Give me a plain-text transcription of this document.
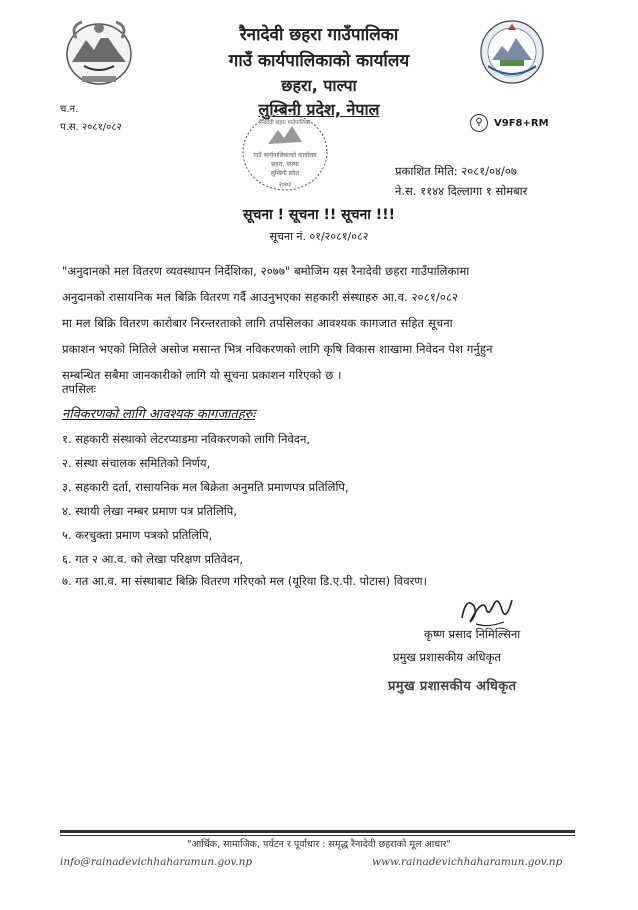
रैनादेवी छहरा गाउँपालिका
गाउँ कार्यपालिकाको कार्यालय
छहरा, पाल्पा
लुम्बिनी प्रदेश, नेपाल
च.न.
प.स. २०८१/०८२	⚲	V9F8+RM
गाउँ कार्यपालिकाको कार्यालय
छहरा, पाल्पा
लुम्बिनी प्रदेश
२०७३
रैनादेवी छहरा गाउँपालिका
प्रकाशित मिति: २०८१/०४/०७
ने.स. ११४४ दिल्लागा १ सोमबार
सूचना ! सूचना !! सूचना !!!
सूचना नं. ०१/२०८१/०८२
"अनुदानको मल वितरण व्यवस्थापन निर्देशिका, २०७७" बमोजिम यस रैनादेवी छहरा गाउँपालिकामा
अनुदानको रासायनिक मल बिक्रि वितरण गर्दै आउनुभएका सहकारी संस्थाहरु आ.व. २०८१/०८२
मा मल बिक्रि वितरण कारोबार निरन्तरताको लागि तपसिलका आवश्यक कागजात सहित सूचना
प्रकाशन भएको मितिले असोज मसान्त भित्र नविकरणको लागि कृषि विकास शाखामा निवेदन पेश गर्नुहुन
सम्बन्धित सबैमा जानकारीको लागि यो सूचना प्रकाशन गरिएको छ ।
तपसिलः
नविकरणको लागि आवश्यक कागजातहरुः
१. सहकारी संस्थाको लेटरप्याडमा नविकरणको लागि निवेदन,
२. संस्था संचालक समितिको निर्णय,
३. सहकारी दर्ता, रासायनिक मल बिक्रेता अनुमति प्रमाणपत्र प्रतिलिपि,
४. स्थायी लेखा नम्बर प्रमाण पत्र प्रतिलिपि,
५. करचुक्ता प्रमाण पत्रको प्रतिलिपि,
६. गत २ आ.व. को लेखा परिक्षण प्रतिवेदन,
७. गत आ.व. मा संस्थाबाट बिक्रि वितरण गरिएको मल (यूरिया डि.ए.पी. पोटास) विवरण।
कृष्ण प्रसाद निमिल्सिना
प्रमुख प्रशासकीय अधिकृत
प्रमुख प्रशासकीय अधिकृत
"आर्थिक, सामाजिक, पर्यटन र पूर्वाधार : समृद्ध रैनादेवी छहराको मूल आधार"
info@rainadevichhaharamun.gov.np	www.rainadevichhaharamun.gov.np
